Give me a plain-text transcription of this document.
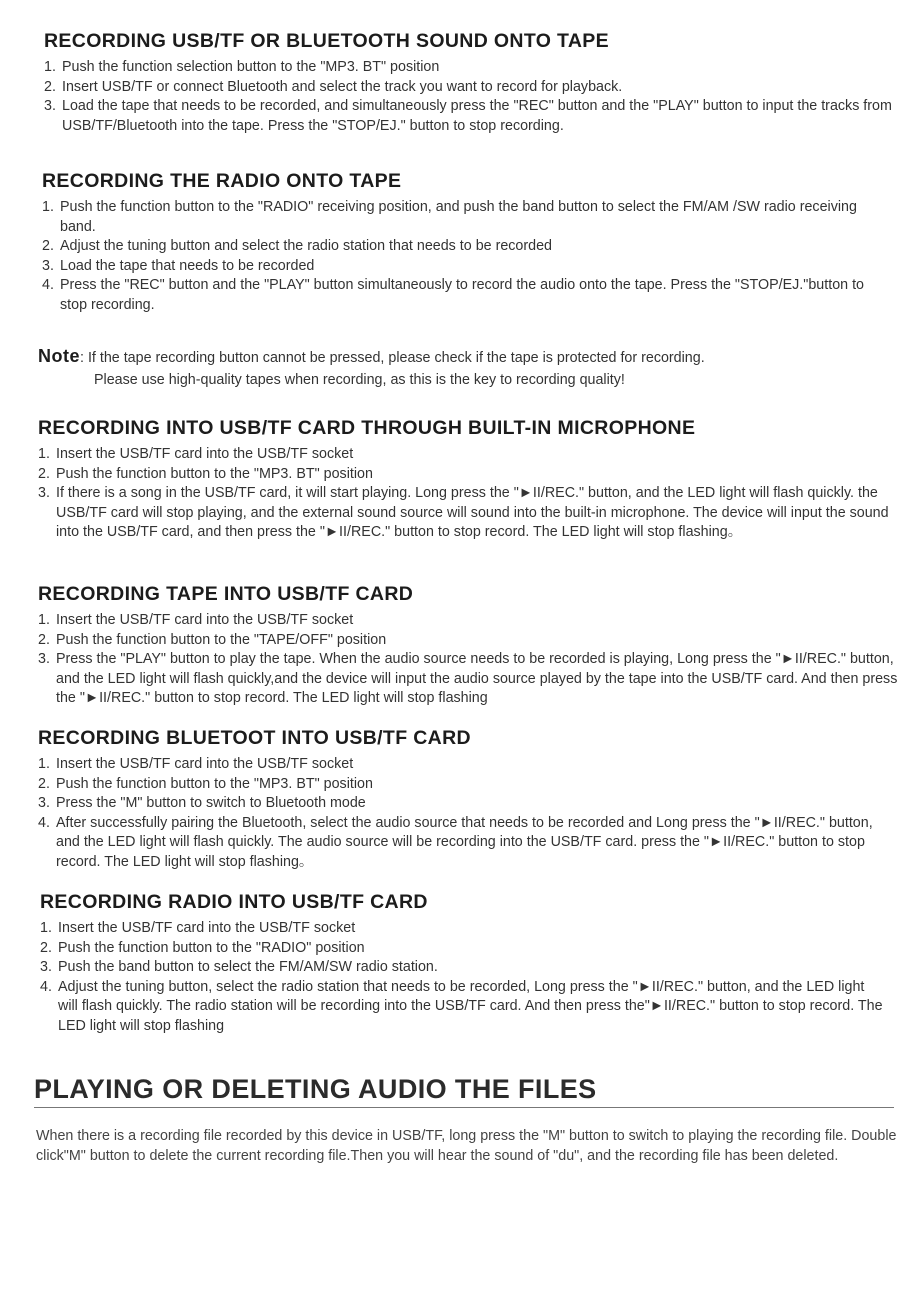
RECORDING USB/TF OR BLUETOOTH SOUND ONTO TAPE
1. Push the function selection button to the "MP3. BT" position
2. Insert USB/TF or connect Bluetooth and select the track you want to record for playback.
3. Load the tape that needs to be recorded, and simultaneously press the "REC" button and the "PLAY" button to input the tracks from USB/TF/Bluetooth into the tape. Press the "STOP/EJ." button to stop recording.
RECORDING THE RADIO ONTO TAPE
1. Push the function button to the "RADIO" receiving position, and push the band button to select the FM/AM /SW radio receiving band.
2. Adjust the tuning button and select the radio station that needs to be recorded
3. Load the tape that needs to be recorded
4. Press the "REC" button and the "PLAY" button simultaneously to record the audio onto the tape. Press the "STOP/EJ."button to stop recording.
Note: If the tape recording button cannot be pressed, please check if the tape is protected for recording.
Please use high-quality tapes when recording, as this is the key to recording quality!
RECORDING INTO USB/TF CARD THROUGH BUILT-IN MICROPHONE
1. Insert the USB/TF card into the USB/TF socket
2. Push the function button to the "MP3. BT" position
3. If there is a song in the USB/TF card, it will start playing. Long press the "►II/REC." button, and the LED light will flash quickly. the USB/TF card will stop playing, and the external sound source will sound into the built-in microphone. The device will input the sound into the USB/TF card, and then press the "►II/REC." button to stop record. The LED light will stop flashing。
RECORDING TAPE INTO USB/TF CARD
1. Insert the USB/TF card into the USB/TF socket
2. Push the function button to the "TAPE/OFF" position
3. Press the "PLAY" button to play the tape. When the audio source needs to be recorded is playing, Long press the "►II/REC." button, and the LED light will flash quickly,and the device will input the audio source played by the tape into the USB/TF card. And then press the "►II/REC." button to stop record. The LED light will stop flashing
RECORDING BLUETOOT INTO USB/TF CARD
1. Insert the USB/TF card into the USB/TF socket
2. Push the function button to the "MP3. BT" position
3. Press the "M" button to switch to Bluetooth mode
4. After successfully pairing the Bluetooth, select the audio source that needs to be recorded and Long press the "►II/REC." button, and the LED light will flash quickly. The audio source will be recording into the USB/TF card. press the "►II/REC." button to stop record. The LED light will stop flashing。
RECORDING RADIO INTO USB/TF CARD
1. Insert the USB/TF card into the USB/TF socket
2. Push the function button to the "RADIO" position
3. Push the band button to select the FM/AM/SW radio station.
4. Adjust the tuning button, select the radio station that needs to be recorded, Long press the "►II/REC." button, and the LED light will flash quickly. The radio station will be recording into the USB/TF card. And then press the"►II/REC." button to stop record. The LED light will stop flashing
PLAYING OR DELETING AUDIO THE FILES
When there is a recording file recorded by this device in USB/TF, long press the "M" button to switch to playing the recording file. Double click"M" button to delete the current recording file.Then you will hear the sound of "du", and the recording file has been deleted.
